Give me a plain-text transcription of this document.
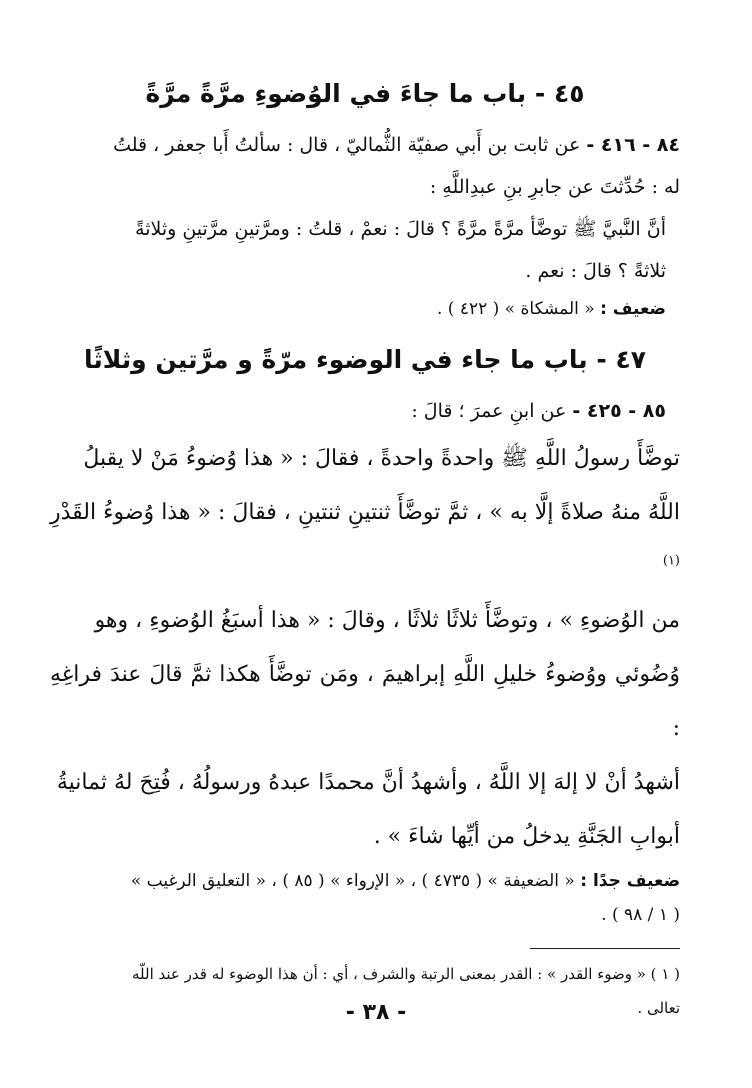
٤٥ - باب ما جاءَ في الوُضوءِ مرَّةً مرَّةً

٨٤ - ٤١٦ - عن ثابت بن أَبي صفيّة الثُّماليّ ، قال : سألتُ أَبا جعفر ، قلتُ
له : حُدِّثتَ عن جابرِ بنِ عبدِاللَّهِ :

أنَّ النَّبيَّ ﷺ توضَّأ مرَّةً مرَّةً ؟ قالَ : نعمْ ، قلتُ : ومرَّتينِ مرَّتينِ وثلاثةً
ثلاثةً ؟ قالَ : نعم .

ضعيف : « المشكاة » ( ٤٢٢ ) .

٤٧ - باب ما جاء في الوضوء مرّةً و مرَّتين وثلاثًا

٨٥ - ٤٢٥ - عن ابنِ عمرَ ؛ قالَ :

توضَّأَ رسولُ اللَّهِ ﷺ واحدةً واحدةً ، فقالَ : « هذا وُضوءُ مَنْ لا يقبلُ
اللَّهُ منهُ صلاةً إلَّا به » ، ثمَّ توضَّأَ ثنتينِ ثنتينِ ، فقالَ : « هذا وُضوءُ القَدْرِ $^{(١)}$
من الوُضوءِ » ، وتوضَّأَ ثلاثًا ثلاثًا ، وقالَ : « هذا أسبَغُ الوُضوءِ ، وهو
وُضُوئي ووُضوءُ خليلِ اللَّهِ إبراهيمَ ، ومَن توضَّأَ هكذا ثمَّ قالَ عندَ فراغِهِ :
أشهدُ أنْ لا إلهَ إلا اللَّهُ ، وأشهدُ أنَّ محمدًا عبدهُ ورسولُهُ ، فُتِحَ لهُ ثمانيةُ
أبوابِ الجَنَّةِ يدخلُ من أيِّها شاءَ » .

ضعيف جدًا : « الضعيفة » ( ٤٧٣٥ ) ، « الإرواء » ( ٨٥ ) ، « التعليق الرغيب »
( ١ / ٩٨ ) .

( ١ ) « وضوء القدر » : القدر بمعنى الرتبة والشرف ، أي : أن هذا الوضوء له قدر عند اللّه
تعالى .

- ٣٨ -
